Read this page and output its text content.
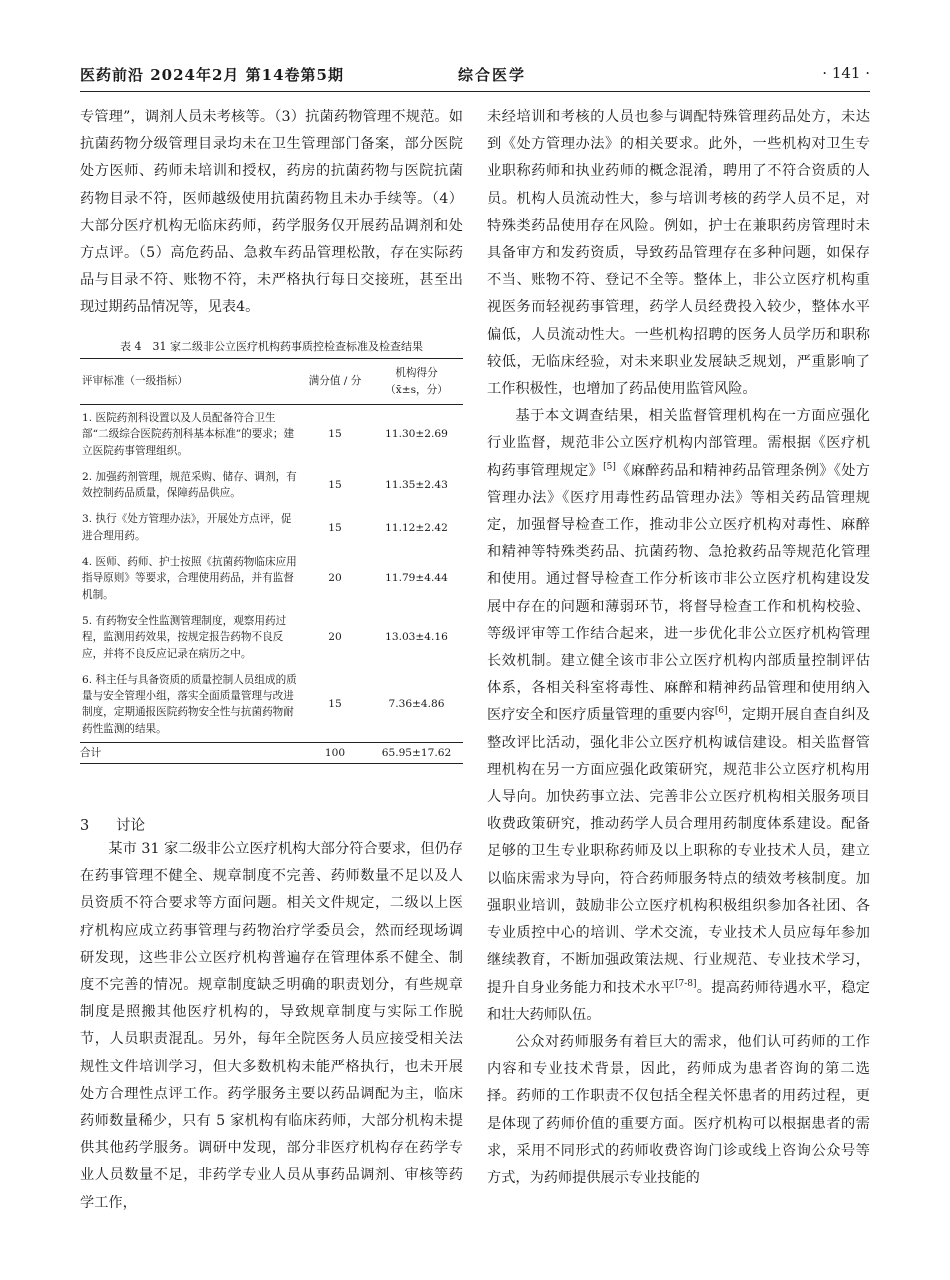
医药前沿 2024年2月 第14卷第5期	综合医学	· 141 ·

专管理”，调剂人员未考核等。（3）抗菌药物管理不规范。如抗菌药物分级管理目录均未在卫生管理部门备案，部分医院处方医师、药师未培训和授权，药房的抗菌药物与医院抗菌药物目录不符，医师越级使用抗菌药物且未办手续等。（4）大部分医疗机构无临床药师，药学服务仅开展药品调剂和处方点评。（5）高危药品、急救车药品管理松散，存在实际药品与目录不符、账物不符，未严格执行每日交接班，甚至出现过期药品情况等，见表4。

表 4　31 家二级非公立医疗机构药事质控检查标准及检查结果
评审标准（一级指标）	满分值 / 分	机构得分
（x̄±s，分）

1. 医院药剂科设置以及人员配备符合卫生部“二级综合医院药剂科基本标准”的要求；建立医院药事管理组织。	15	11.30±2.69
2. 加强药剂管理，规范采购、储存、调剂，有效控制药品质量，保障药品供应。	15	11.35±2.43
3. 执行《处方管理办法》，开展处方点评，促进合理用药。	15	11.12±2.42
4. 医师、药师、护士按照《抗菌药物临床应用指导原则》等要求，合理使用药品，并有监督机制。	20	11.79±4.44
5. 有药物安全性监测管理制度，观察用药过程，监测用药效果，按规定报告药物不良反应，并将不良反应记录在病历之中。	20	13.03±4.16
6. 科主任与具备资质的质量控制人员组成的质量与安全管理小组，落实全面质量管理与改进制度，定期通报医院药物安全性与抗菌药物耐药性监测的结果。	15	7.36±4.86
合计	100	65.95±17.62
3 讨论

某市 31 家二级非公立医疗机构大部分符合要求，但仍存在药事管理不健全、规章制度不完善、药师数量不足以及人员资质不符合要求等方面问题。相关文件规定，二级以上医疗机构应成立药事管理与药物治疗学委员会，然而经现场调研发现，这些非公立医疗机构普遍存在管理体系不健全、制度不完善的情况。规章制度缺乏明确的职责划分，有些规章制度是照搬其他医疗机构的，导致规章制度与实际工作脱节，人员职责混乱。另外，每年全院医务人员应接受相关法规性文件培训学习，但大多数机构未能严格执行，也未开展处方合理性点评工作。药学服务主要以药品调配为主，临床药师数量稀少，只有 5 家机构有临床药师，大部分机构未提供其他药学服务。调研中发现，部分非医疗机构存在药学专业人员数量不足，非药学专业人员从事药品调剂、审核等药学工作，

未经培训和考核的人员也参与调配特殊管理药品处方，未达到《处方管理办法》的相关要求。此外，一些机构对卫生专业职称药师和执业药师的概念混淆，聘用了不符合资质的人员。机构人员流动性大，参与培训考核的药学人员不足，对特殊类药品使用存在风险。例如，护士在兼职药房管理时未具备审方和发药资质，导致药品管理存在多种问题，如保存不当、账物不符、登记不全等。整体上，非公立医疗机构重视医务而轻视药事管理，药学人员经费投入较少，整体水平偏低，人员流动性大。一些机构招聘的医务人员学历和职称较低，无临床经验，对未来职业发展缺乏规划，严重影响了工作积极性，也增加了药品使用监管风险。

基于本文调查结果，相关监督管理机构在一方面应强化行业监督，规范非公立医疗机构内部管理。需根据《医疗机构药事管理规定》[5]《麻醉药品和精神药品管理条例》《处方管理办法》《医疗用毒性药品管理办法》等相关药品管理规定，加强督导检查工作，推动非公立医疗机构对毒性、麻醉和精神等特殊类药品、抗菌药物、急抢救药品等规范化管理和使用。通过督导检查工作分析该市非公立医疗机构建设发展中存在的问题和薄弱环节，将督导检查工作和机构校验、等级评审等工作结合起来，进一步优化非公立医疗机构管理长效机制。建立健全该市非公立医疗机构内部质量控制评估体系，各相关科室将毒性、麻醉和精神药品管理和使用纳入医疗安全和医疗质量管理的重要内容[6]，定期开展自查自纠及整改评比活动，强化非公立医疗机构诚信建设。相关监督管理机构在另一方面应强化政策研究，规范非公立医疗机构用人导向。加快药事立法、完善非公立医疗机构相关服务项目收费政策研究，推动药学人员合理用药制度体系建设。配备足够的卫生专业职称药师及以上职称的专业技术人员，建立以临床需求为导向，符合药师服务特点的绩效考核制度。加强职业培训，鼓励非公立医疗机构积极组织参加各社团、各专业质控中心的培训、学术交流，专业技术人员应每年参加继续教育，不断加强政策法规、行业规范、专业技术学习，提升自身业务能力和技术水平[7-8]。提高药师待遇水平，稳定和壮大药师队伍。

公众对药师服务有着巨大的需求，他们认可药师的工作内容和专业技术背景，因此，药师成为患者咨询的第二选择。药师的工作职责不仅包括全程关怀患者的用药过程，更是体现了药师价值的重要方面。医疗机构可以根据患者的需求，采用不同形式的药师收费咨询门诊或线上咨询公众号等方式，为药师提供展示专业技能的
